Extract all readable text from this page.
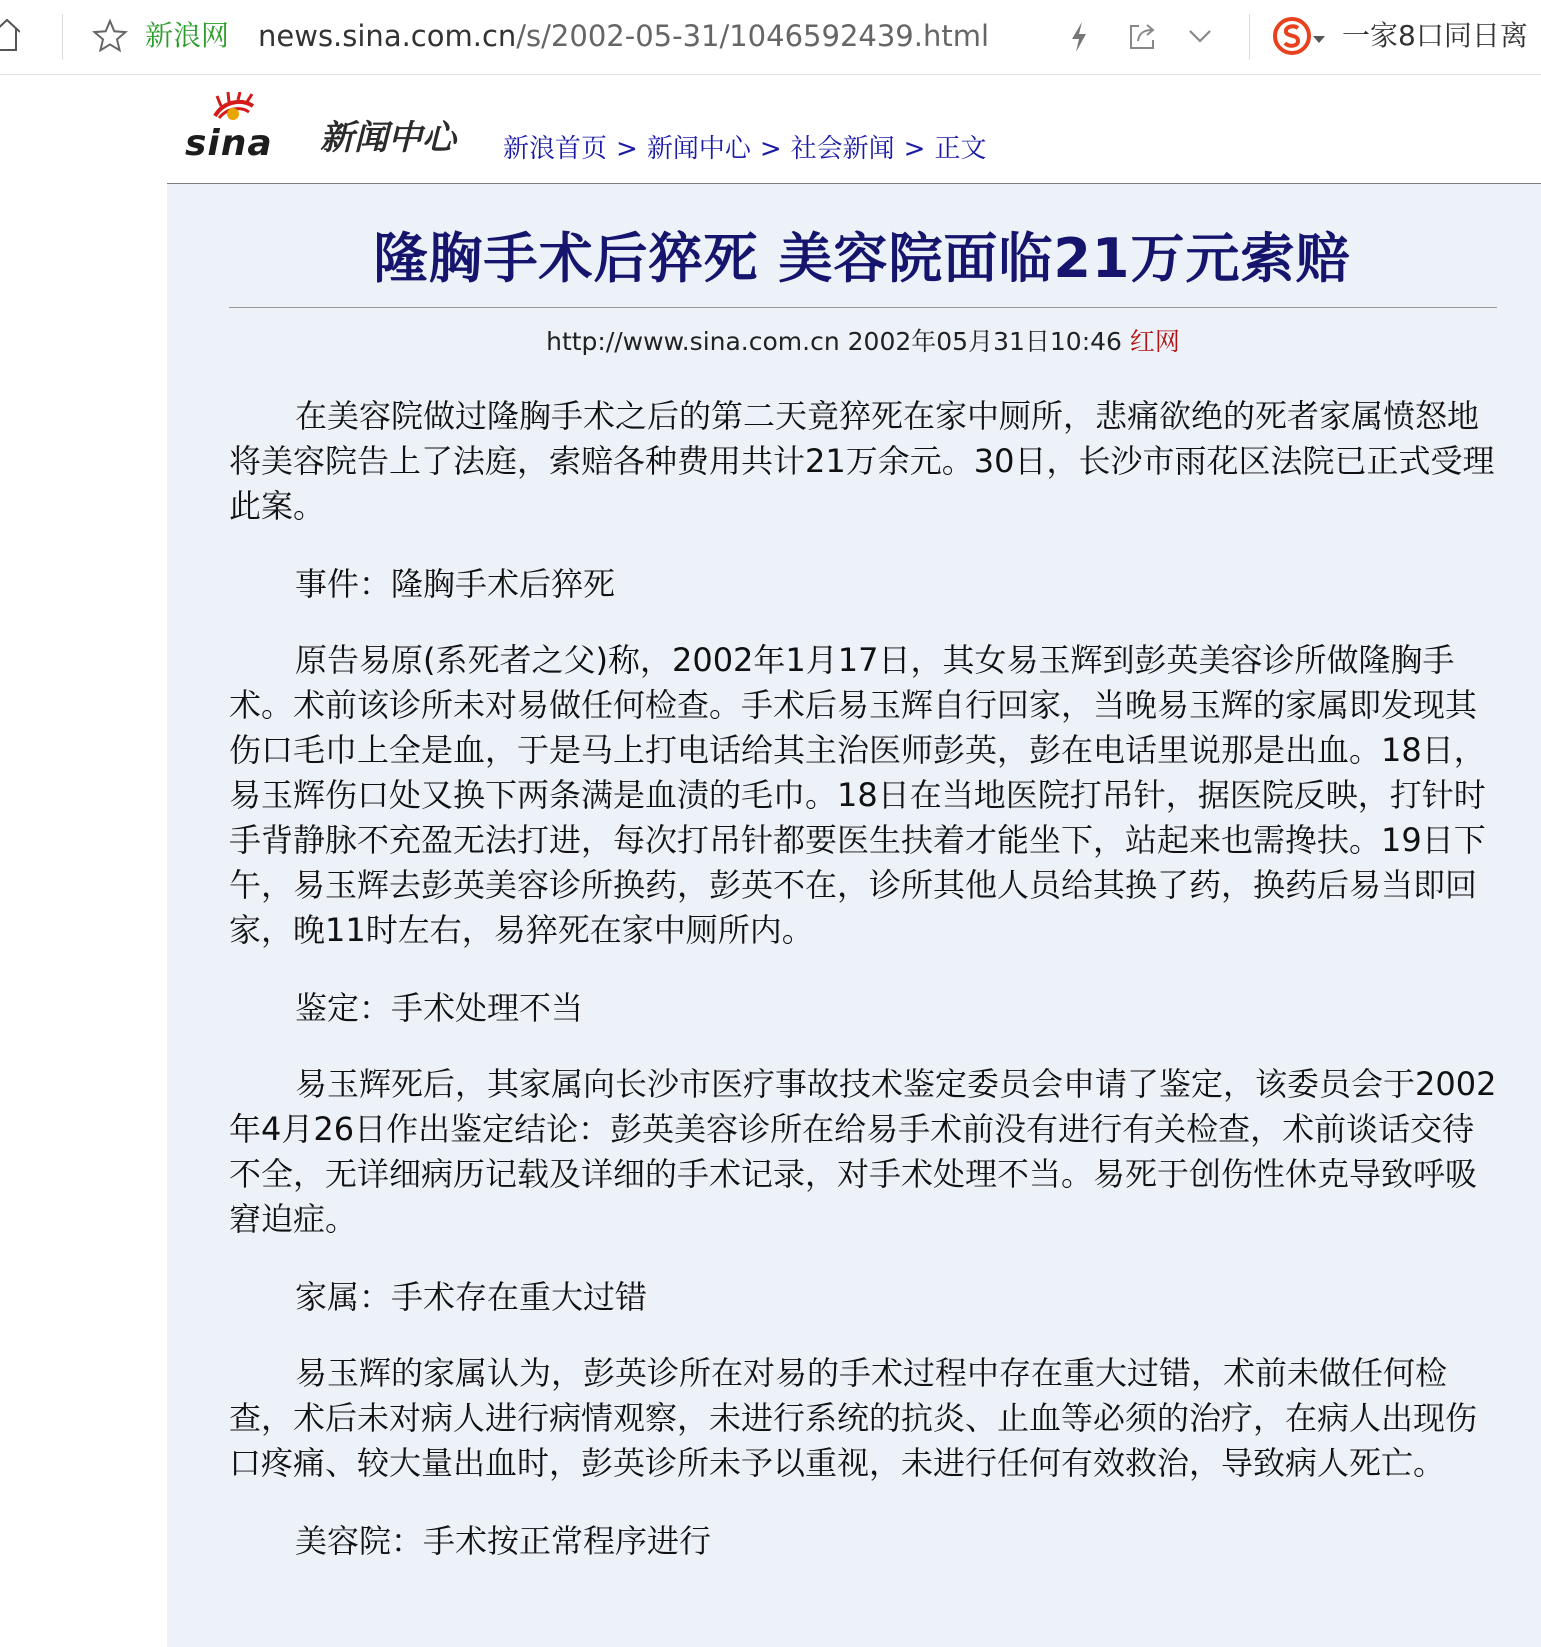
新浪网 news.sina.com.cn/s/2002-05-31/1046592439.html	一家8口同日离
sina 新闻中心 新浪首页 > 新闻中心 > 社会新闻 > 正文
隆胸手术后猝死 美容院面临21万元索赔
http://www.sina.com.cn 2002年05月31日10:46 红网

在美容院做过隆胸手术之后的第二天竟猝死在家中厕所，悲痛欲绝的死者家属愤怒地将美容院告上了法庭，索赔各种费用共计21万余元。30日，长沙市雨花区法院已正式受理此案。

事件：隆胸手术后猝死

原告易原(系死者之父)称，2002年1月17日，其女易玉辉到彭英美容诊所做隆胸手术。术前该诊所未对易做任何检查。手术后易玉辉自行回家，当晚易玉辉的家属即发现其伤口毛巾上全是血，于是马上打电话给其主治医师彭英，彭在电话里说那是出血。18日，易玉辉伤口处又换下两条满是血渍的毛巾。18日在当地医院打吊针，据医院反映，打针时手背静脉不充盈无法打进，每次打吊针都要医生扶着才能坐下，站起来也需搀扶。19日下午，易玉辉去彭英美容诊所换药，彭英不在，诊所其他人员给其换了药，换药后易当即回家，晚11时左右，易猝死在家中厕所内。

鉴定：手术处理不当

易玉辉死后，其家属向长沙市医疗事故技术鉴定委员会申请了鉴定，该委员会于2002年4月26日作出鉴定结论：彭英美容诊所在给易手术前没有进行有关检查，术前谈话交待不全，无详细病历记载及详细的手术记录，对手术处理不当。易死于创伤性休克导致呼吸窘迫症。

家属：手术存在重大过错

易玉辉的家属认为，彭英诊所在对易的手术过程中存在重大过错，术前未做任何检查，术后未对病人进行病情观察，未进行系统的抗炎、止血等必须的治疗，在病人出现伤口疼痛、较大量出血时，彭英诊所未予以重视，未进行任何有效救治，导致病人死亡。

美容院：手术按正常程序进行
